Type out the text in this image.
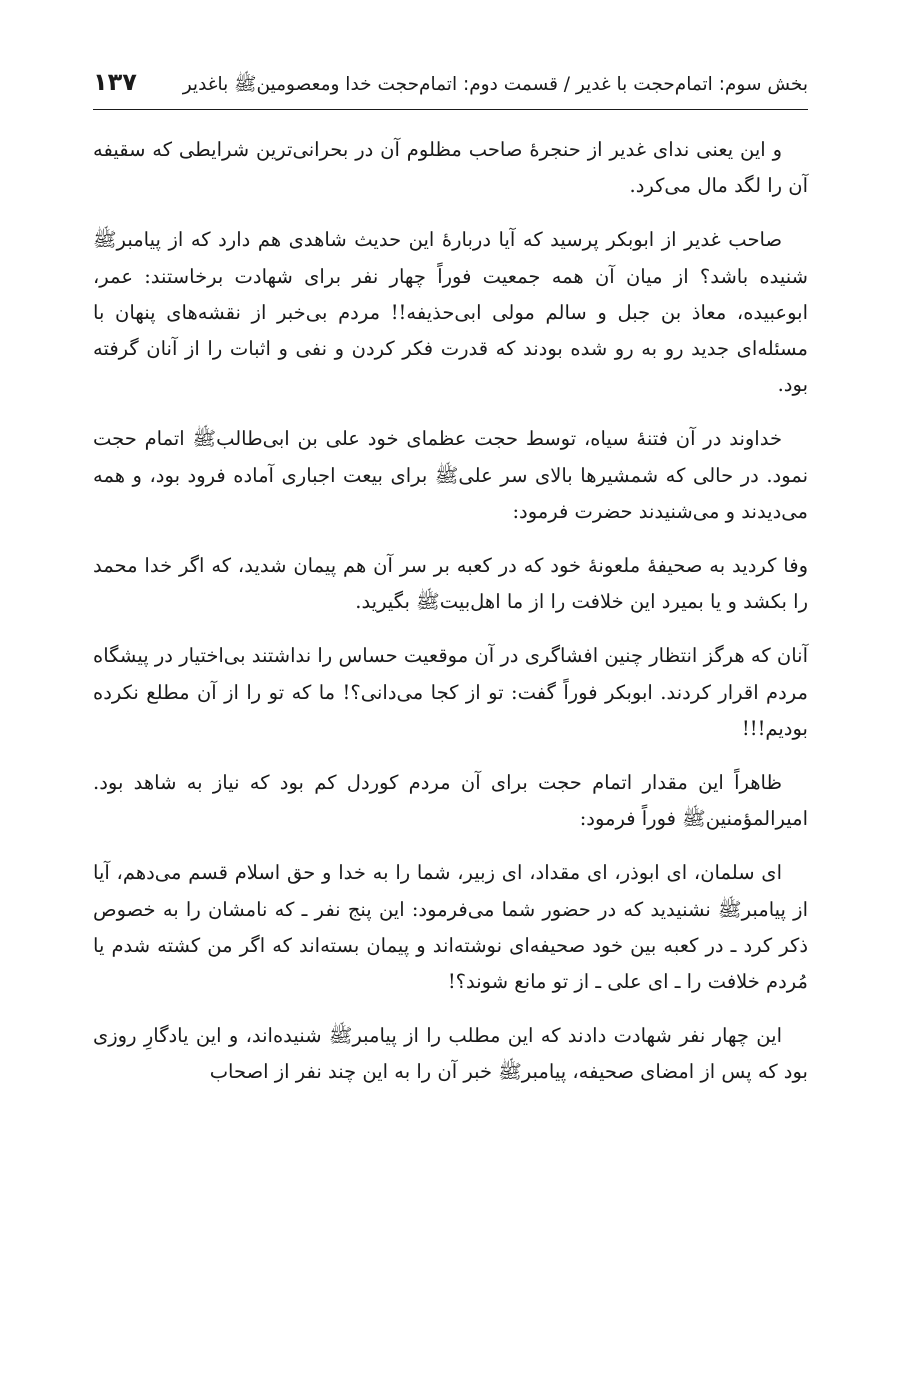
بخش سوم: اتمام‌حجت با غدیر / قسمت دوم: اتمام‌حجت خدا ومعصومینﷺ باغدیر
۱۳۷

و این یعنی ندای غدیر از حنجرهٔ صاحب مظلوم آن در بحرانی‌ترین شرایطی که سقیفه آن را لگد مال می‌کرد.

صاحب غدیر از ابوبکر پرسید که آیا دربارهٔ این حدیث شاهدی هم دارد که از پیامبرﷺ شنیده باشد؟ از میان آن همه جمعیت فوراً چهار نفر برای شهادت برخاستند: عمر، ابوعبیده، معاذ بن جبل و سالم مولی ابی‌حذیفه!! مردم بی‌خبر از نقشه‌های پنهان با مسئله‌ای جدید رو به رو شده بودند که قدرت فکر کردن و نفی و اثبات را از آنان گرفته بود.

خداوند در آن فتنهٔ سیاه، توسط حجت عظمای خود علی بن ابی‌طالبﷺ اتمام حجت نمود. در حالی که شمشیرها بالای سر علیﷺ برای بیعت اجباری آماده فرود بود، و همه می‌دیدند و می‌شنیدند حضرت فرمود:

وفا کردید به صحیفهٔ ملعونهٔ خود که در کعبه بر سر آن هم پیمان شدید، که اگر خدا محمد را بکشد و یا بمیرد این خلافت را از ما اهل‌بیتﷺ بگیرید.

آنان که هرگز انتظار چنین افشاگری در آن موقعیت حساس را نداشتند بی‌اختیار در پیشگاه مردم اقرار کردند. ابوبکر فوراً گفت: تو از کجا می‌دانی؟! ما که تو را از آن مطلع نکرده بودیم!!!

ظاهراً این مقدار اتمام حجت برای آن مردم کوردل کم بود که نیاز به شاهد بود. امیرالمؤمنینﷺ فوراً فرمود:

ای سلمان، ای ابوذر، ای مقداد، ای زبیر، شما را به خدا و حق اسلام قسم می‌دهم، آیا از پیامبرﷺ نشنیدید که در حضور شما می‌فرمود: این پنج نفر ـ که نامشان را به خصوص ذکر کرد ـ در کعبه بین خود صحیفه‌ای نوشته‌اند و پیمان بسته‌اند که اگر من کشته شدم یا مُردم خلافت را ـ ای علی ـ از تو مانع شوند؟!

این چهار نفر شهادت دادند که این مطلب را از پیامبرﷺ شنیده‌اند، و این یادگارِ روزی بود که پس از امضای صحیفه، پیامبرﷺ خبر آن را به این چند نفر از اصحاب
